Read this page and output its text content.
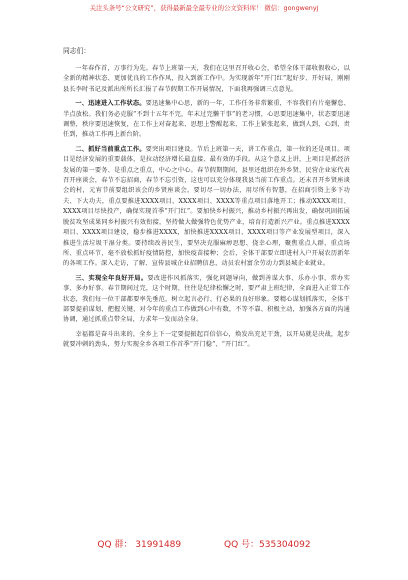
关注头条号“公文研究”，获得最新最全最专业的公文资料库！ 微信：gongwenyj
同志们：

一年春作首，万事行为先。春节上班第一天，我们在这里召开收心会，希望全体干部收假收心，以全新的精神状态、更加优良的工作作风，投入到新工作中。为实现新年“开门红”起好步、开好局，刚刚县长李时书记及派出所所长汇报了春节假期工作开展情况，下面我再强调三点意见。

一、迅速进入工作状态。要迅速集中心思，新的一年，工作任务非常繁重，不容我们有片毫懈怠、半点放松。我们务必克服“不到十五年不完，年末过完懒干事”的老习惯，心思要迅速集中，状态要迅速调整，秩序要迅速恢复，在工作上对奋起来、思想上警醒起来、工作上紧张起来，做到人到、心到、责任到，推动工作再上新台阶。

二、抓好当前重点工作。要突出项目建设。节后上班第一天，讲工作重点，第一位的还是项目。项目是经济发展的重要载体，是拉动经济增长最直接、最有效的手段。从这个意义上讲，上项目是抓经济发展的第一要务、是重点之重点，中心之中心。春节假期期间，县里还组织在外乡贤、民营企业家代表召开座谈会，春节不忘招商，春节不忘引资，这也可以充分体现我县当前工作重点。还未召开乡贤座谈会的村，元宵节前要组织该会的乡贤座谈会。要切尽一切办法，用尽所有智慧，在招商引资上多下功夫、下大功夫，重点要推进XXXX项目、XXXX项目、XXXX等重点项目落地开工；推动XXXX项目、XXXX项目尽快投产，确保实现首季“开门红”。要加快乡村振兴，推动乡村振兴再出发，确保巩固拓展脱贫攻坚成果同乡村振兴有效衔接，坚持做大做强特色优势产业，培育打造新兴产业。重点推进XXXX项目、XXXX项目建设，稳步推进XXXX，加快推进XXXX项目、XXXX项目等产业发展型项目，深入推进生活垃圾干湿分类。要持续改善民生，要坚决克服麻痹思想、侥幸心理，聚焦重点人群、重点场所、重点环节，毫不放松抓好疫情防控，加快疫苗接种；会后，全体干部要立即进村入户开展农历新年的各项工作。深入走访，了解、宣传县城企业招聘信息，动员农村富余劳动力到县城企业就业。

三、实现全年良好开局。要改进作风抓落实，强化问题导向，做到善谋大事、乐办小事、常办实事、多办好事。春节期间过完，这个时期，往往是纪律松懈之时，要严肃上班纪律，全面进入正常工作状态，我们每一位干部都要率先垂范，树立起言必行、行必果的良好形象。要精心谋划抓落实，全体干部要提前谋划，把握关键，对今年的重点工作做到心中有数，不等不靠、积极主动，加强各方面的沟通协调，通过抓重点带全局，力求年一发而动全身。

幸福都是奋斗出来的，全乡上下一定要提振起百倍信心，焕发出充足干劲，以开局就是决战，起步就要冲刺的劲头，努力实现全乡各项工作首季“开门稳”、“开门红”。

QQ 群： 31991489	QQ 号：535304092
